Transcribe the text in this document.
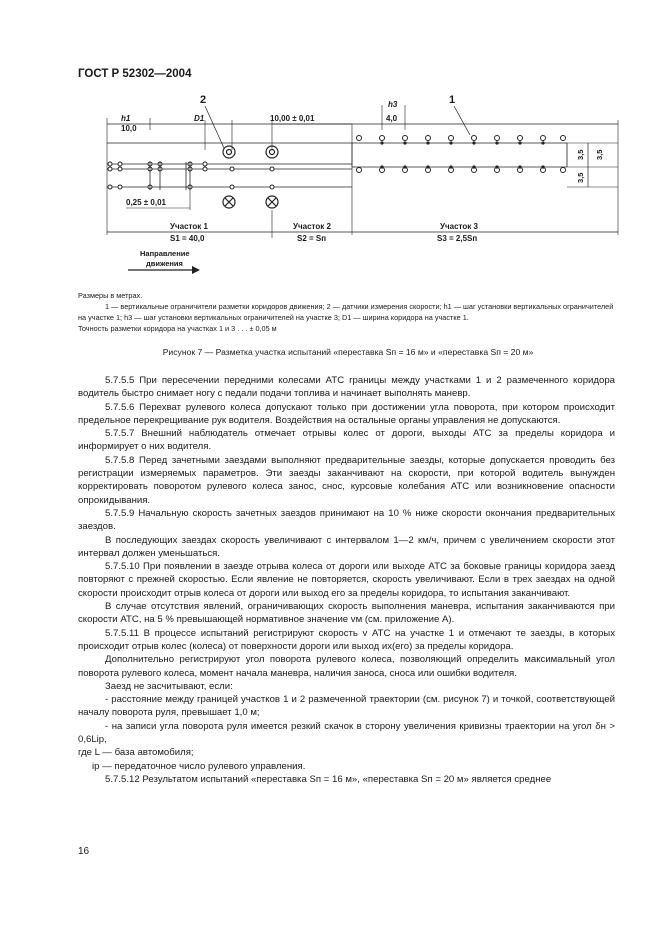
ГОСТ Р 52302—2004
10,0
h1	D1	10,00 ± 0,01
2	h3
4,0
1
3,5
3,5
3,5
0,25 ± 0,01
Участок 1
S1 = 40,0
Участок 2
S2 = Sп
Участок 3
S3 = 2,5Sп
Направление
движения

Размеры в метрах.

1 — вертикальные ограничители разметки коридоров движения; 2 — датчики измерения скорости; h1 — шаг установки вертикальных ограничителей на участке 1; h3 — шаг установки вертикальных ограничителей на участке 3; D1 — ширина коридора на участке 1.

Точность разметки коридора на участках 1 и 3 . . . ± 0,05 м

Рисунок 7 — Разметка участка испытаний «переставка Sп = 16 м» и «переставка Sп = 20 м»

5.7.5.5 При пересечении передними колесами АТС границы между участками 1 и 2 размеченного коридора водитель быстро снимает ногу с педали подачи топлива и начинает выполнять маневр.

5.7.5.6 Перехват рулевого колеса допускают только при достижении угла поворота, при котором происходит предельное перекрещивание рук водителя. Воздействия на остальные органы управления не допускаются.

5.7.5.7 Внешний наблюдатель отмечает отрывы колес от дороги, выходы АТС за пределы коридора и информирует о них водителя.

5.7.5.8 Перед зачетными заездами выполняют предварительные заезды, которые допускается проводить без регистрации измеряемых параметров. Эти заезды заканчивают на скорости, при которой водитель вынужден корректировать поворотом рулевого колеса занос, снос, курсовые колебания АТС или возникновение опасности опрокидывания.

5.7.5.9 Начальную скорость зачетных заездов принимают на 10 % ниже скорости окончания предварительных заездов.

В последующих заездах скорость увеличивают с интервалом 1—2 км/ч, причем с увеличением скорости этот интервал должен уменьшаться.

5.7.5.10 При появлении в заезде отрыва колеса от дороги или выходе АТС за боковые границы коридора заезд повторяют с прежней скоростью. Если явление не повторяется, скорость увеличивают. Если в трех заездах на одной скорости происходит отрыв колеса от дороги или выход его за пределы коридора, то испытания заканчивают.

В случае отсутствия явлений, ограничивающих скорость выполнения маневра, испытания заканчиваются при скорости АТС, на 5 % превышающей нормативное значение vм (см. приложение А).

5.7.5.11 В процессе испытаний регистрируют скорость v АТС на участке 1 и отмечают те заезды, в которых происходит отрыв колес (колеса) от поверхности дороги или выход их(его) за пределы коридора.

Дополнительно регистрируют угол поворота рулевого колеса, позволяющий определить максимальный угол поворота рулевого колеса, момент начала маневра, наличия заноса, сноса или ошибки водителя.

Заезд не засчитывают, если:

- расстояние между границей участков 1 и 2 размеченной траектории (см. рисунок 7) и точкой, соответствующей началу поворота руля, превышает 1,0 м;

- на записи угла поворота руля имеется резкий скачок в сторону увеличения кривизны траектории на угол δн > 0,6Liр,

где L — база автомобиля;

iр — передаточное число рулевого управления.

5.7.5.12 Результатом испытаний «переставка Sп = 16 м», «переставка Sп = 20 м» является среднее

16
